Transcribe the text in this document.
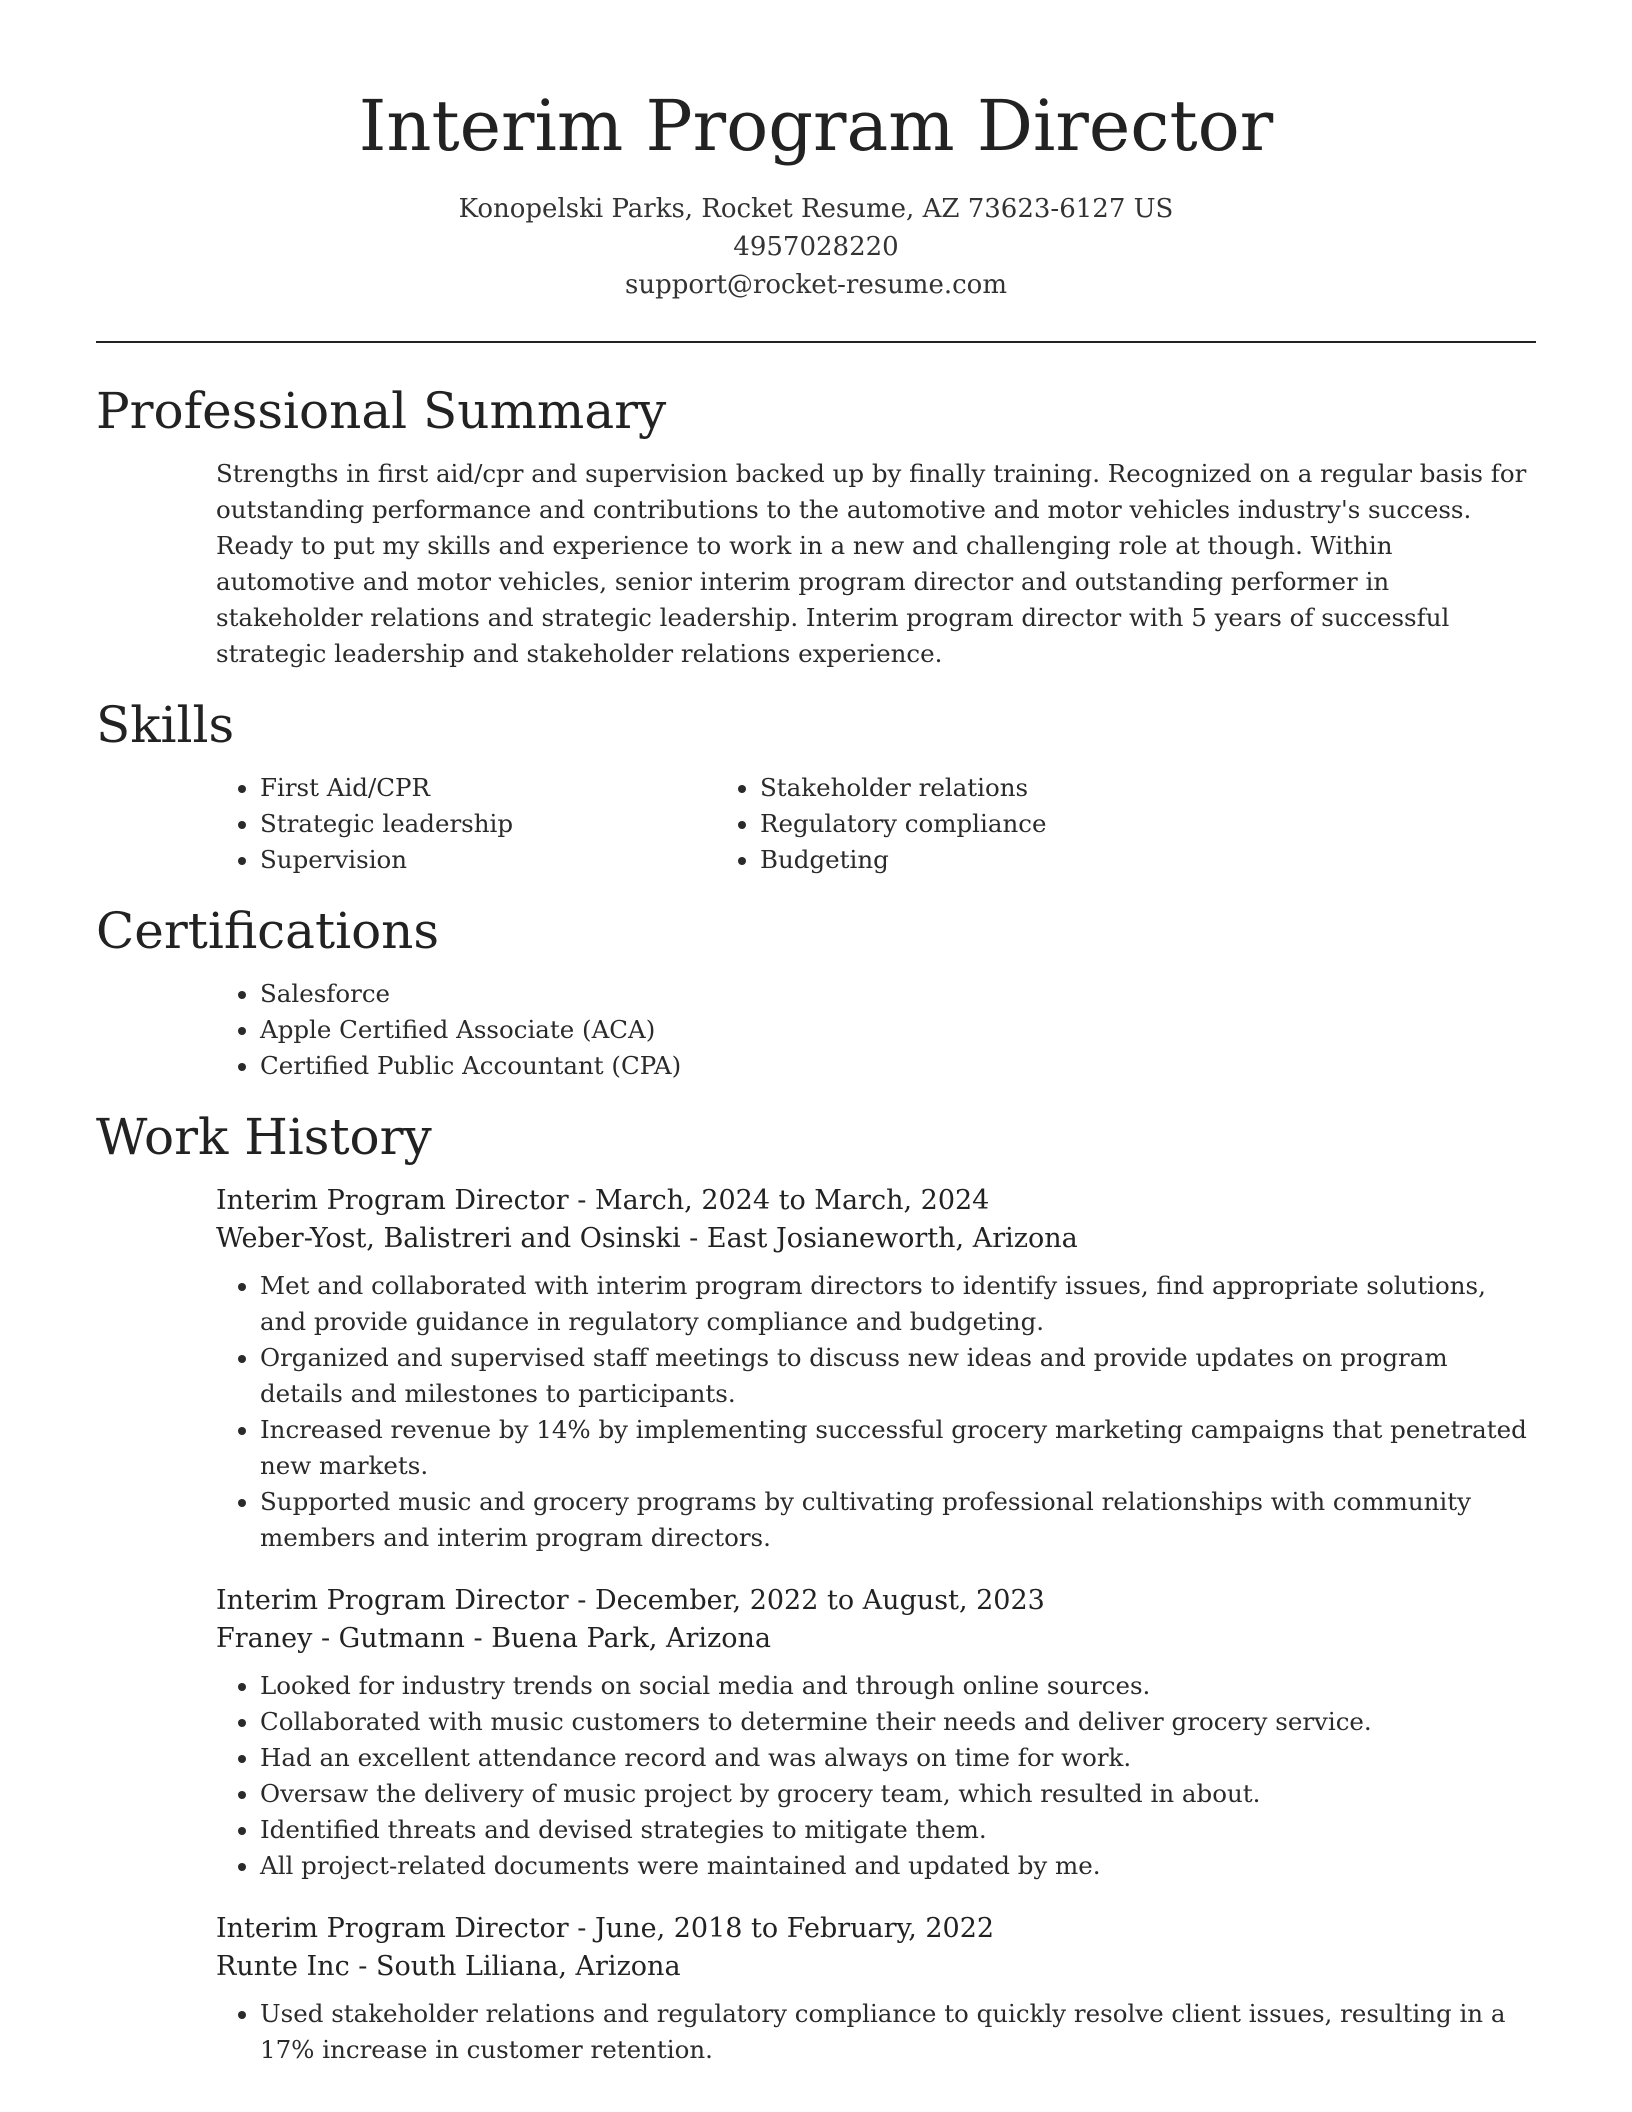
Interim Program Director
Konopelski Parks, Rocket Resume, AZ 73623-6127 US
4957028220
support@rocket-resume.com
Professional Summary

Strengths in first aid/cpr and supervision backed up by finally training. Recognized on a regular basis for outstanding performance and contributions to the automotive and motor vehicles industry's success. Ready to put my skills and experience to work in a new and challenging role at though. Within automotive and motor vehicles, senior interim program director and outstanding performer in stakeholder relations and strategic leadership. Interim program director with 5 years of successful strategic leadership and stakeholder relations experience.

Skills
• First Aid/CPR
• Strategic leadership
• Supervision
• Stakeholder relations
• Regulatory compliance
• Budgeting
Certifications
• Salesforce
• Apple Certified Associate (ACA)
• Certified Public Accountant (CPA)
Work History
Interim Program Director - March, 2024 to March, 2024
Weber-Yost, Balistreri and Osinski - East Josianeworth, Arizona
• Met and collaborated with interim program directors to identify issues, find appropriate solutions, and provide guidance in regulatory compliance and budgeting.
• Organized and supervised staff meetings to discuss new ideas and provide updates on program details and milestones to participants.
• Increased revenue by 14% by implementing successful grocery marketing campaigns that penetrated new markets.
• Supported music and grocery programs by cultivating professional relationships with community members and interim program directors.
Interim Program Director - December, 2022 to August, 2023
Franey - Gutmann - Buena Park, Arizona
• Looked for industry trends on social media and through online sources.
• Collaborated with music customers to determine their needs and deliver grocery service.
• Had an excellent attendance record and was always on time for work.
• Oversaw the delivery of music project by grocery team, which resulted in about.
• Identified threats and devised strategies to mitigate them.
• All project-related documents were maintained and updated by me.
Interim Program Director - June, 2018 to February, 2022
Runte Inc - South Liliana, Arizona
• Used stakeholder relations and regulatory compliance to quickly resolve client issues, resulting in a 17% increase in customer retention.
